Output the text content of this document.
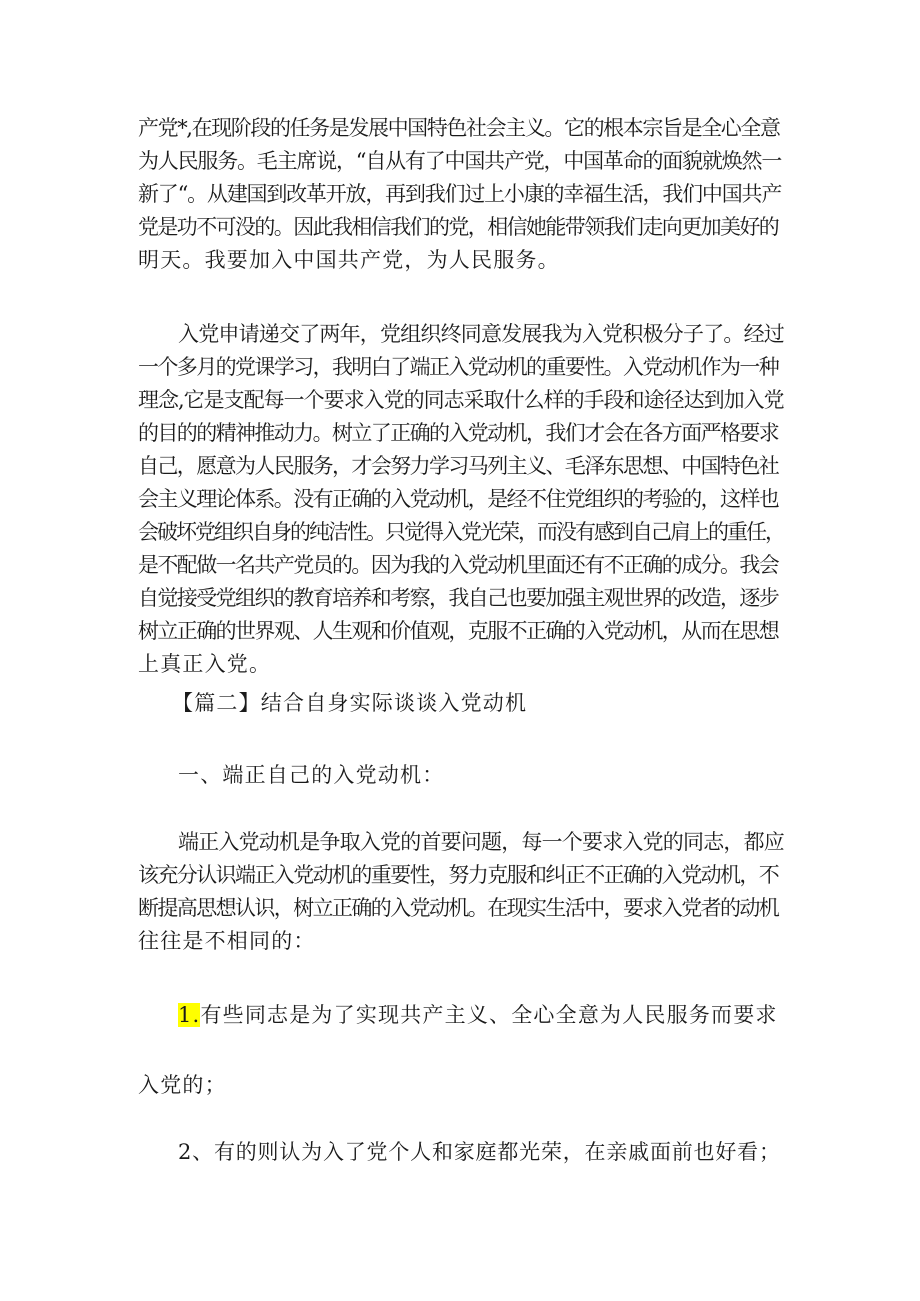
产党*,在现阶段的任务是发展中国特色社会主义。它的根本宗旨是全心全意
为人民服务。毛主席说，“自从有了中国共产党，中国革命的面貌就焕然一
新了“。从建国到改革开放，再到我们过上小康的幸福生活，我们中国共产
党是功不可没的。因此我相信我们的党，相信她能带领我们走向更加美好的
明天。我要加入中国共产党，为人民服务。
入党申请递交了两年，党组织终同意发展我为入党积极分子了。经过
一个多月的党课学习，我明白了端正入党动机的重要性。入党动机作为一种
理念,它是支配每一个要求入党的同志采取什么样的手段和途径达到加入党
的目的的精神推动力。树立了正确的入党动机，我们才会在各方面严格要求
自己，愿意为人民服务，才会努力学习马列主义、毛泽东思想、中国特色社
会主义理论体系。没有正确的入党动机，是经不住党组织的考验的，这样也
会破坏党组织自身的纯洁性。只觉得入党光荣，而没有感到自己肩上的重任，
是不配做一名共产党员的。因为我的入党动机里面还有不正确的成分。我会
自觉接受党组织的教育培养和考察，我自己也要加强主观世界的改造，逐步
树立正确的世界观、人生观和价值观，克服不正确的入党动机，从而在思想
上真正入党。
【篇二】结合自身实际谈谈入党动机
一、端正自己的入党动机：
端正入党动机是争取入党的首要问题，每一个要求入党的同志，都应
该充分认识端正入党动机的重要性，努力克服和纠正不正确的入党动机，不
断提高思想认识，树立正确的入党动机。在现实生活中，要求入党者的动机
往往是不相同的：
1.有些同志是为了实现共产主义、全心全意为人民服务而要求
入党的；
2、有的则认为入了党个人和家庭都光荣，在亲戚面前也好看；
